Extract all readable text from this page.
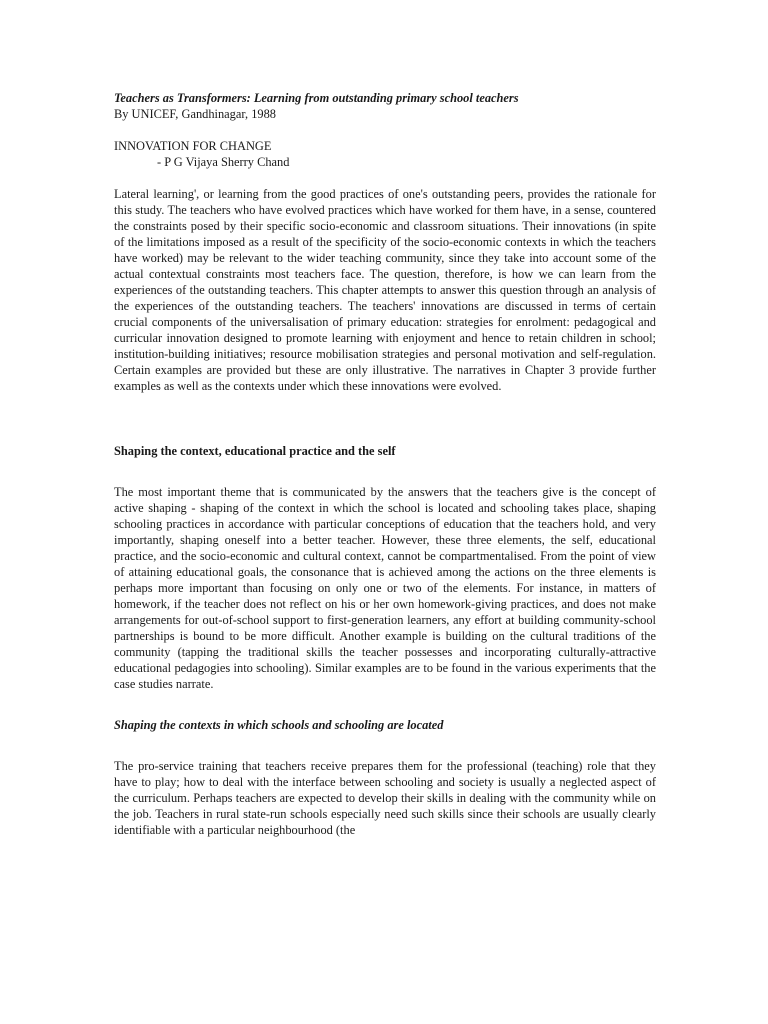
Teachers as Transformers: Learning from outstanding primary school teachers

By UNICEF, Gandhinagar, 1988

INNOVATION FOR CHANGE

- P G Vijaya Sherry Chand

Lateral learning', or learning from the good practices of one's outstanding peers, provides the rationale for this study. The teachers who have evolved practices which have worked for them have, in a sense, countered the constraints posed by their specific socio-economic and classroom situations. Their innovations (in spite of the limitations imposed as a result of the specificity of the socio-economic contexts in which the teachers have worked) may be relevant to the wider teaching community, since they take into account some of the actual contextual constraints most teachers face. The question, therefore, is how we can learn from the experiences of the outstanding teachers. This chapter attempts to answer this question through an analysis of the experiences of the outstanding teachers. The teachers' innovations are discussed in terms of certain crucial components of the universalisation of primary education: strategies for enrolment: pedagogical and curricular innovation designed to promote learning with enjoyment and hence to retain children in school; institution-building initiatives; resource mobilisation strategies and personal motivation and self-regulation. Certain examples are provided but these are only illustrative. The narratives in Chapter 3 provide further examples as well as the contexts under which these innovations were evolved.

Shaping the context, educational practice and the self

The most important theme that is communicated by the answers that the teachers give is the concept of active shaping - shaping of the context in which the school is located and schooling takes place, shaping schooling practices in accordance with particular conceptions of education that the teachers hold, and very importantly, shaping oneself into a better teacher. However, these three elements, the self, educational practice, and the socio-economic and cultural context, cannot be compartmentalised. From the point of view of attaining educational goals, the consonance that is achieved among the actions on the three elements is perhaps more important than focusing on only one or two of the elements. For instance, in matters of homework, if the teacher does not reflect on his or her own homework-giving practices, and does not make arrangements for out-of-school support to first-generation learners, any effort at building community-school partnerships is bound to be more difficult. Another example is building on the cultural traditions of the community (tapping the traditional skills the teacher possesses and incorporating culturally-attractive educational pedagogies into schooling). Similar examples are to be found in the various experiments that the case studies narrate.

Shaping the contexts in which schools and schooling are located

The pro-service training that teachers receive prepares them for the professional (teaching) role that they have to play; how to deal with the interface between schooling and society is usually a neglected aspect of the curriculum. Perhaps teachers are expected to develop their skills in dealing with the community while on the job. Teachers in rural state-run schools especially need such skills since their schools are usually clearly identifiable with a particular neighbourhood (the
